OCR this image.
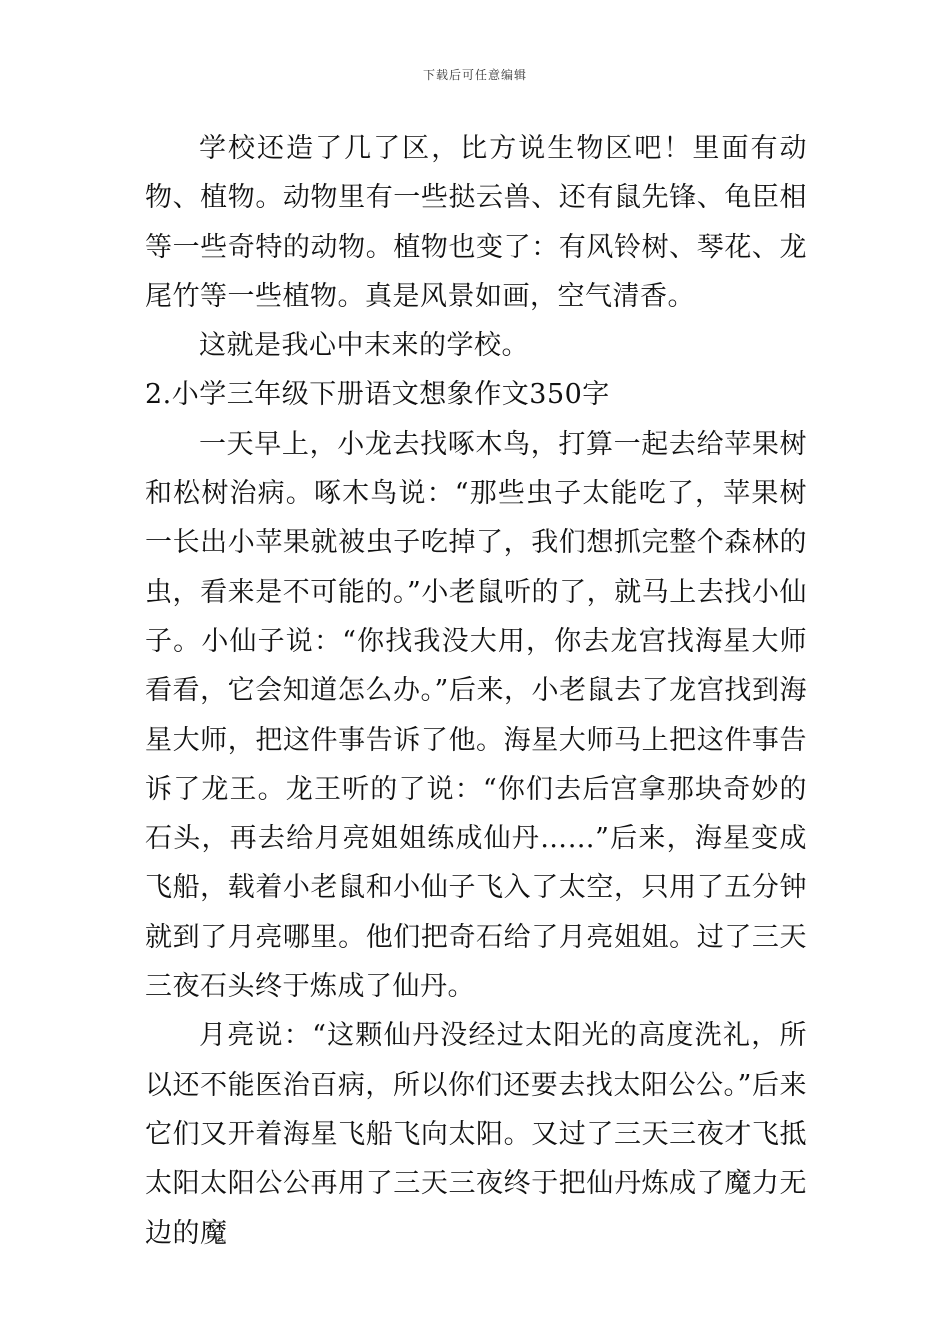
下载后可任意编辑

学校还造了几了区，比方说生物区吧！里面有动物、植物。动物里有一些挞云兽、还有鼠先锋、龟臣相等一些奇特的动物。植物也变了：有风铃树、琴花、龙尾竹等一些植物。真是风景如画，空气清香。

这就是我心中末来的学校。

2.小学三年级下册语文想象作文350字

一天早上，小龙去找啄木鸟，打算一起去给苹果树和松树治病。啄木鸟说：“那些虫子太能吃了，苹果树一长出小苹果就被虫子吃掉了，我们想抓完整个森林的虫，看来是不可能的。”小老鼠听的了，就马上去找小仙子。小仙子说：“你找我没大用，你去龙宫找海星大师看看，它会知道怎么办。”后来，小老鼠去了龙宫找到海星大师，把这件事告诉了他。海星大师马上把这件事告诉了龙王。龙王听的了说：“你们去后宫拿那块奇妙的石头，再去给月亮姐姐练成仙丹……”后来，海星变成飞船，载着小老鼠和小仙子飞入了太空，只用了五分钟就到了月亮哪里。他们把奇石给了月亮姐姐。过了三天三夜石头终于炼成了仙丹。

月亮说：“这颗仙丹没经过太阳光的高度洗礼，所以还不能医治百病，所以你们还要去找太阳公公。”后来它们又开着海星飞船飞向太阳。又过了三天三夜才飞抵太阳太阳公公再用了三天三夜终于把仙丹炼成了魔力无边的魔
